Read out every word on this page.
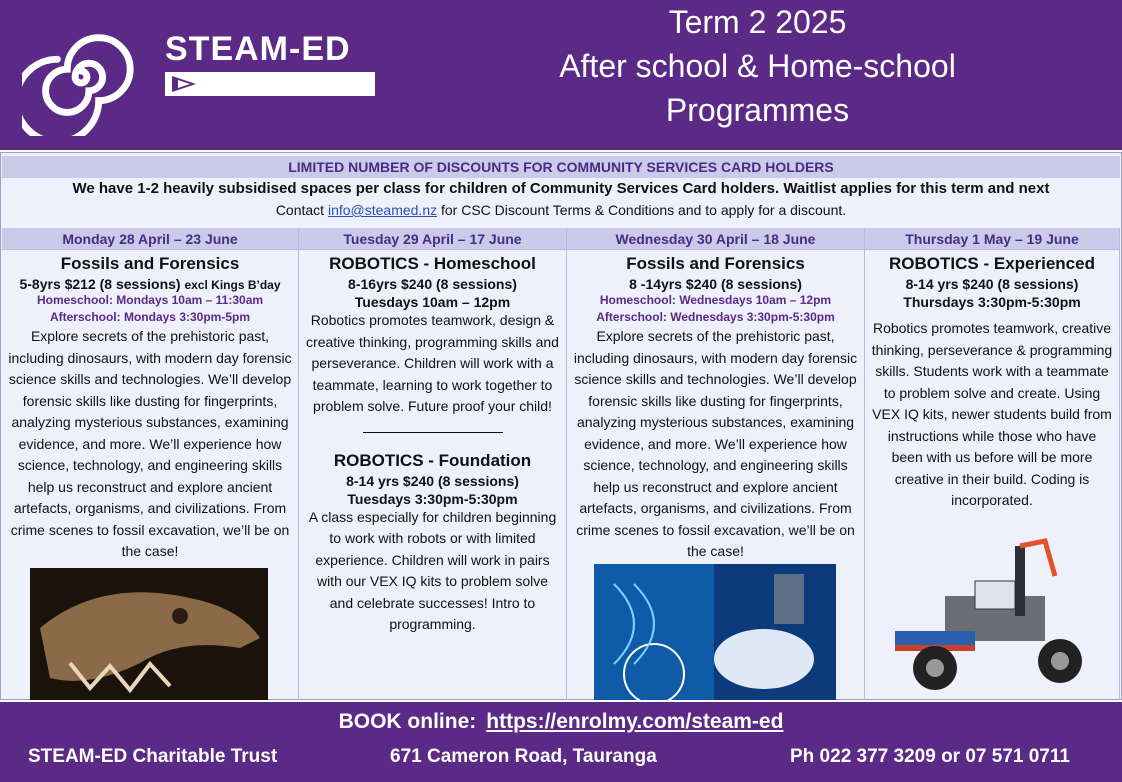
STEAM-ED
Term 2 2025
After school & Home-school
Programmes
LIMITED NUMBER OF DISCOUNTS FOR COMMUNITY SERVICES CARD HOLDERS
We have 1-2 heavily subsidised spaces per class for children of Community Services Card holders. Waitlist applies for this term and next
Contact info@steamed.nz for CSC Discount Terms & Conditions and to apply for a discount.
Monday 28 April – 23 June
Fossils and Forensics
5-8yrs $212 (8 sessions) excl Kings B’day
Homeschool: Mondays 10am – 11:30am
Afterschool: Mondays 3:30pm-5pm
Explore secrets of the prehistoric past, including dinosaurs, with modern day forensic science skills and technologies. We’ll develop forensic skills like dusting for fingerprints, analyzing mysterious substances, examining evidence, and more. We’ll experience how science, technology, and engineering skills help us reconstruct and explore ancient artefacts, organisms, and civilizations. From crime scenes to fossil excavation, we’ll be on the case!
Tuesday 29 April – 17 June
ROBOTICS - Homeschool
8-16yrs $240 (8 sessions)
Tuesdays 10am – 12pm
Robotics promotes teamwork, design & creative thinking, programming skills and perseverance. Children will work with a teammate, learning to work together to problem solve. Future proof your child!
ROBOTICS - Foundation
8-14 yrs $240 (8 sessions)
Tuesdays 3:30pm-5:30pm
A class especially for children beginning to work with robots or with limited experience. Children will work in pairs with our VEX IQ kits to problem solve and celebrate successes! Intro to programming.
Wednesday 30 April – 18 June
Fossils and Forensics
8 -14yrs $240 (8 sessions)
Homeschool: Wednesdays 10am – 12pm
Afterschool: Wednesdays 3:30pm-5:30pm
Explore secrets of the prehistoric past, including dinosaurs, with modern day forensic science skills and technologies. We’ll develop forensic skills like dusting for fingerprints, analyzing mysterious substances, examining evidence, and more. We’ll experience how science, technology, and engineering skills help us reconstruct and explore ancient artefacts, organisms, and civilizations. From crime scenes to fossil excavation, we’ll be on the case!
Thursday 1 May – 19 June
ROBOTICS - Experienced
8-14 yrs $240 (8 sessions)
Thursdays 3:30pm-5:30pm
Robotics promotes teamwork, creative thinking, perseverance & programming skills. Students work with a teammate to problem solve and create. Using VEX IQ kits, newer students build from instructions while those who have been with us before will be more creative in their build. Coding is incorporated.
BOOK online: https://enrolmy.com/steam-ed
STEAM-ED Charitable Trust	671 Cameron Road, Tauranga	Ph 022 377 3209 or 07 571 0711
